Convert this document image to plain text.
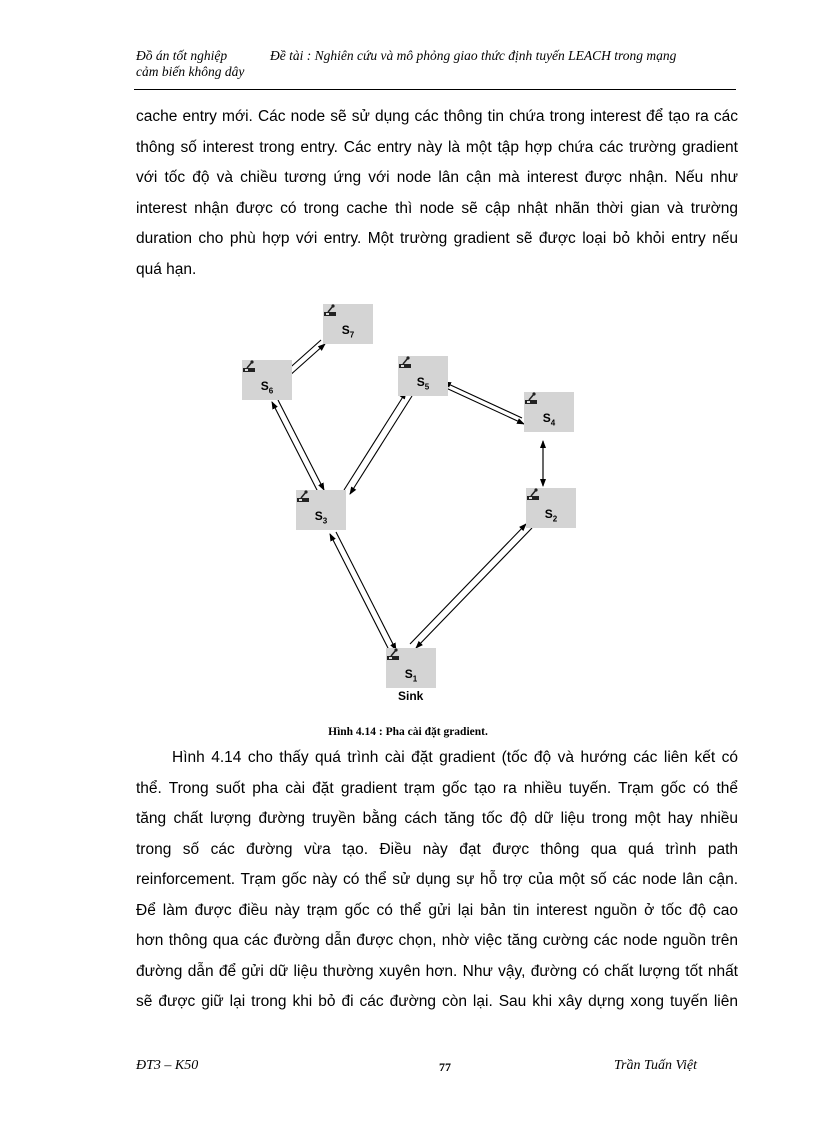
Đồ án tốt nghiệp	Đề tài : Nghiên cứu và mô phỏng giao thức định tuyến LEACH trong mạng
cảm biến không dây
cache entry mới. Các node sẽ sử dụng các thông tin chứa trong interest để tạo ra các
thông số interest trong entry. Các entry này là một tập hợp chứa các trường gradient
với tốc độ và chiều tương ứng với node lân cận mà interest được nhận. Nếu như
interest nhận được có trong cache thì node sẽ cập nhật nhãn thời gian và trường
duration cho phù hợp với entry. Một trường gradient sẽ được loại bỏ khỏi entry nếu
quá hạn.
$S_7$
$S_6$
$S_5$
$S_4$
$S_3$	$S_2$
$S_1$
Sink
Hình 4.14 : Pha cài đặt gradient.
Hình 4.14 cho thấy quá trình cài đặt gradient (tốc độ và hướng các liên kết có
thể. Trong suốt pha cài đặt gradient trạm gốc tạo ra nhiều tuyến. Trạm gốc có thể
tăng chất lượng đường truyền bằng cách tăng tốc độ dữ liệu trong một hay nhiều
trong số các đường vừa tạo. Điều này đạt được thông qua quá trình path
reinforcement. Trạm gốc này có thể sử dụng sự hỗ trợ của một số các node lân cận.
Để làm được điều này trạm gốc có thể gửi lại bản tin interest nguồn ở tốc độ cao
hơn thông qua các đường dẫn được chọn, nhờ việc tăng cường các node nguồn trên
đường dẫn để gửi dữ liệu thường xuyên hơn. Như vậy, đường có chất lượng tốt nhất
sẽ được giữ lại trong khi bỏ đi các đường còn lại. Sau khi xây dựng xong tuyến liên
ĐT3 – K50	77	Trần Tuấn Việt
